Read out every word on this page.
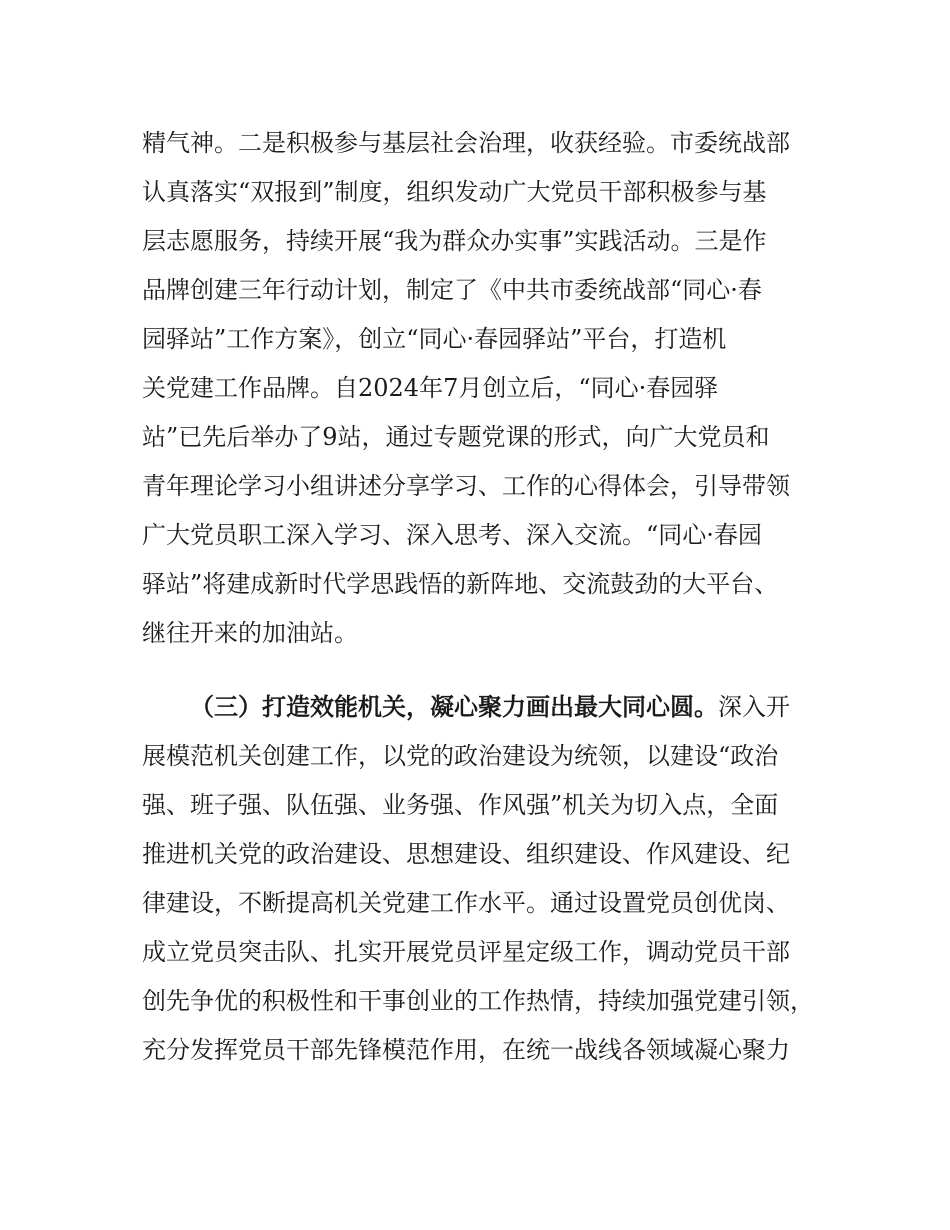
精气神。二是积极参与基层社会治理，收获经验。市委统战部
认真落实“双报到”制度，组织发动广大党员干部积极参与基
层志愿服务，持续开展“我为群众办实事”实践活动。三是作
品牌创建三年行动计划，制定了《中共市委统战部“同心·春
园驿站”工作方案》，创立“同心·春园驿站”平台，打造机
关党建工作品牌。自2024年7月创立后，“同心·春园驿
站”已先后举办了9站，通过专题党课的形式，向广大党员和
青年理论学习小组讲述分享学习、工作的心得体会，引导带领
广大党员职工深入学习、深入思考、深入交流。“同心·春园
驿站”将建成新时代学思践悟的新阵地、交流鼓劲的大平台、
继往开来的加油站。
（三）打造效能机关，凝心聚力画出最大同心圆。深入开
展模范机关创建工作，以党的政治建设为统领，以建设“政治
强、班子强、队伍强、业务强、作风强”机关为切入点，全面
推进机关党的政治建设、思想建设、组织建设、作风建设、纪
律建设，不断提高机关党建工作水平。通过设置党员创优岗、
成立党员突击队、扎实开展党员评星定级工作，调动党员干部
创先争优的积极性和干事创业的工作热情，持续加强党建引领，
充分发挥党员干部先锋模范作用，在统一战线各领域凝心聚力
